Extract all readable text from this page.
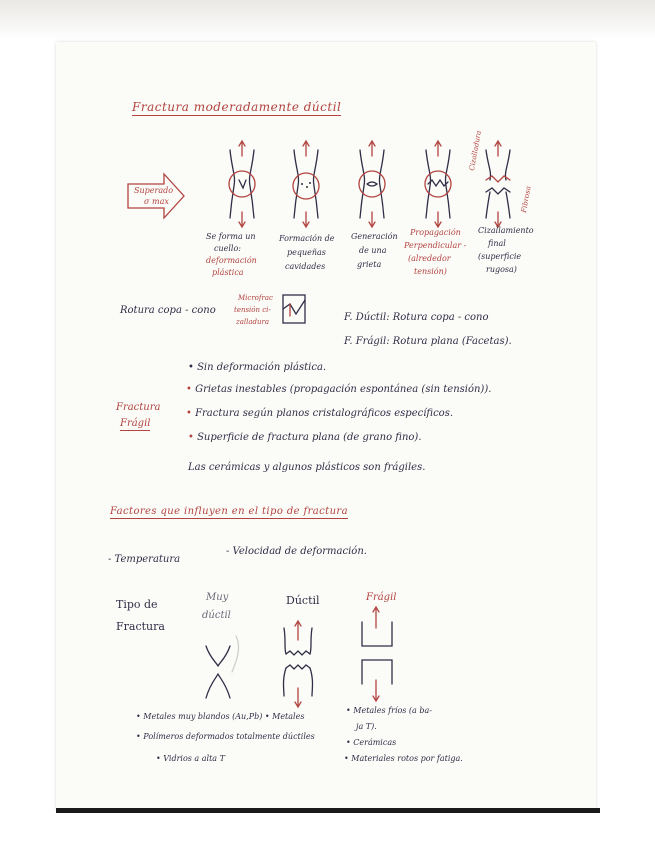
Fractura moderadamente dúctil
Superado
σ max
Cizalladura
Fibrosa
Se forma un
cuello:
deformación
plástica
Formación de
pequeñas
cavidades
Generación
de una
grieta
Propagación
Perpendicular -
(alrededor
tensión)
Cizallamiento
final
(superficie
rugosa)
Rotura copa - cono
Microfrac
tensión ci-
zalladura	F. Dúctil: Rotura copa - cono
F. Frágil: Rotura plana (Facetas).
Fractura
Frágil
• Sin deformación plástica.
• Grietas inestables (propagación espontánea (sin tensión)).
• Fractura según planos cristalográficos específicos.
• Superficie de fractura plana (de grano fino).
Las cerámicas y algunos plásticos son frágiles.
Factores que influyen en el tipo de fractura
- Temperatura
- Velocidad de deformación.
Tipo de
Fractura
Muy
dúctil
Dúctil	Frágil
• Metales muy blandos (Au,Pb) • Metales
• Polímeros deformados totalmente dúctiles
• Vidrios a alta T
• Metales fríos (a ba-
ja T).
• Cerámicas
• Materiales rotos por fatiga.
